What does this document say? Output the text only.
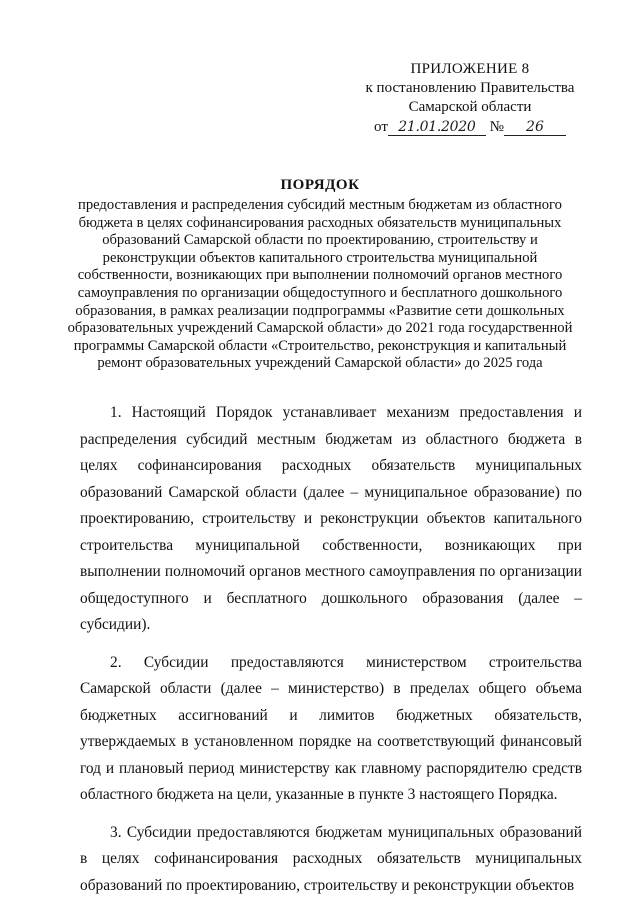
ПРИЛОЖЕНИЕ 8
к постановлению Правительства
Самарской области
от 21.01.2020 № 26
ПОРЯДОК
предоставления и распределения субсидий местным бюджетам из областного бюджета в целях софинансирования расходных обязательств муниципальных образований Самарской области по проектированию, строительству и реконструкции объектов капитального строительства муниципальной собственности, возникающих при выполнении полномочий органов местного самоуправления по организации общедоступного и бесплатного дошкольного образования, в рамках реализации подпрограммы «Развитие сети дошкольных образовательных учреждений Самарской области» до 2021 года государственной программы Самарской области «Строительство, реконструкция и капитальный ремонт образовательных учреждений Самарской области» до 2025 года

1. Настоящий Порядок устанавливает механизм предоставления и распределения субсидий местным бюджетам из областного бюджета в целях софинансирования расходных обязательств муниципальных образований Самарской области (далее – муниципальное образование) по проектированию, строительству и реконструкции объектов капитального строительства муниципальной собственности, возникающих при выполнении полномочий органов местного самоуправления по организации общедоступного и бесплатного дошкольного образования (далее – субсидии).

2. Субсидии предоставляются министерством строительства Самарской области (далее – министерство) в пределах общего объема бюджетных ассигнований и лимитов бюджетных обязательств, утверждаемых в установленном порядке на соответствующий финансовый год и плановый период министерству как главному распорядителю средств областного бюджета на цели, указанные в пункте 3 настоящего Порядка.

3. Субсидии предоставляются бюджетам муниципальных образований в целях софинансирования расходных обязательств муниципальных образований по проектированию, строительству и реконструкции объектов
